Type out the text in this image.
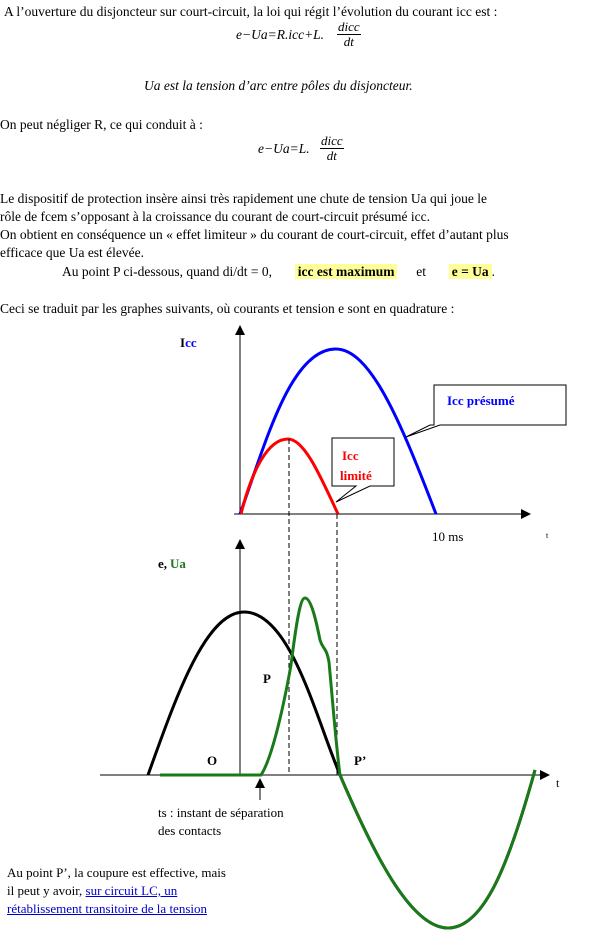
A l’ouverture du disjoncteur sur court-circuit, la loi qui régit l’évolution du courant icc est :
e−Ua=R.icc+L.
dicc
dt
Ua est la tension d’arc entre pôles du disjoncteur.
On peut négliger R, ce qui conduit à :
e−Ua=L.
dicc
dt
Le dispositif de protection insère ainsi très rapidement une chute de tension Ua qui joue le
rôle de fcem s’opposant à la croissance du courant de court-circuit présumé icc.
On obtient en conséquence un « effet limiteur » du courant de court-circuit, effet d’autant plus
efficace que Ua est élevée.
Au point P ci-dessous, quand di/dt = 0, icc est maximum et e = Ua .
Ceci se traduit par les graphes suivants, où courants et tension e sont en quadrature :
Icc
Icc présumé
Icc
limité
10 ms	t
e, Ua
P
O	P’
t
ts : instant de séparation
des contacts
Au point P’, la coupure est effective, mais
il peut y avoir, sur circuit LC, un
rétablissement transitoire de la tension
